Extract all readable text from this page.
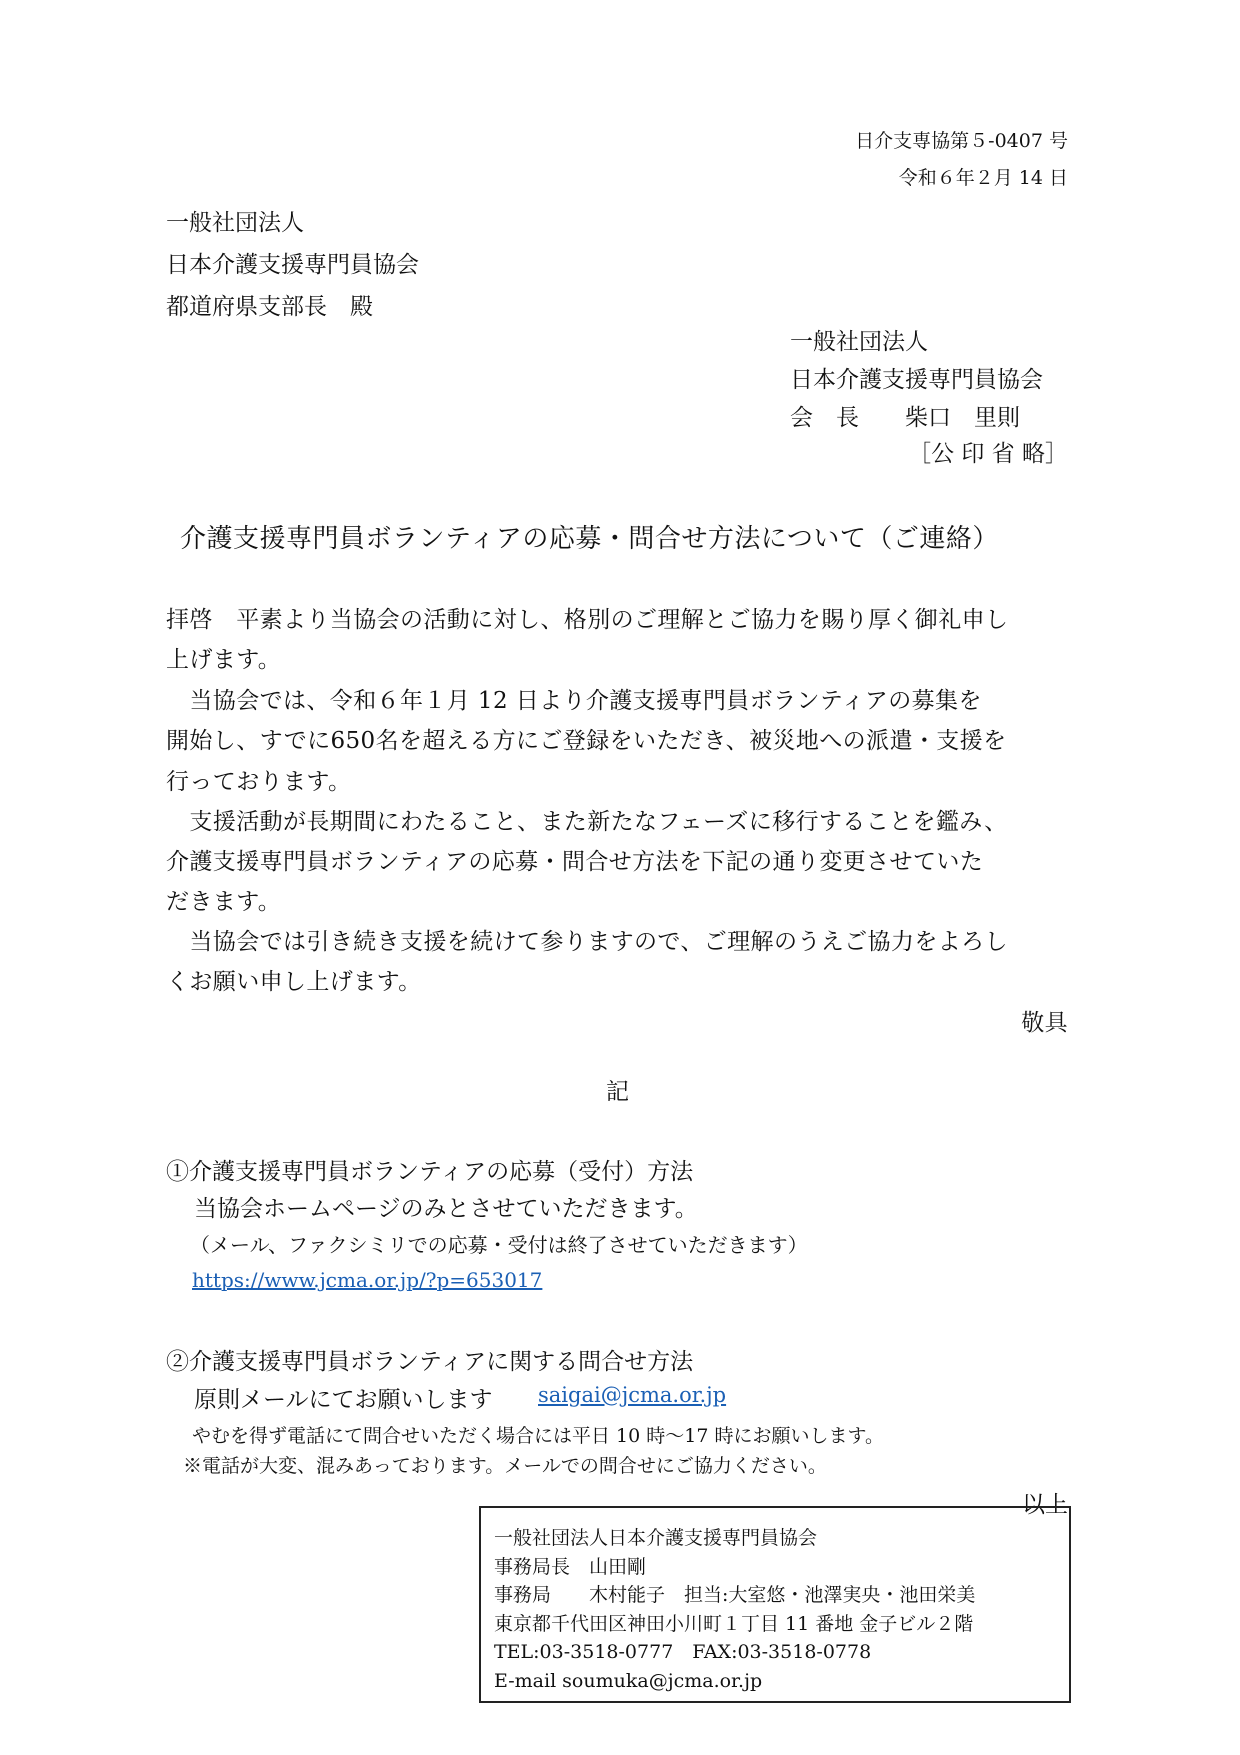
日介支専協第５-0407 号
令和６年２月 14 日
一般社団法人
日本介護支援専門員協会
都道府県支部長　殿
一般社団法人
日本介護支援専門員協会
会　長　　柴口　里則
［公 印 省 略］
介護支援専門員ボランティアの応募・問合せ方法について（ご連絡）
拝啓　平素より当協会の活動に対し、格別のご理解とご協力を賜り厚く御礼申し
上げます。
　当協会では、令和６年１月 12 日より介護支援専門員ボランティアの募集を
開始し、すでに650名を超える方にご登録をいただき、被災地への派遣・支援を
行っております。
　支援活動が長期間にわたること、また新たなフェーズに移行することを鑑み、
介護支援専門員ボランティアの応募・問合せ方法を下記の通り変更させていた
だきます。
　当協会では引き続き支援を続けて参りますので、ご理解のうえご協力をよろし
くお願い申し上げます。
敬具
記
①介護支援専門員ボランティアの応募（受付）方法
当協会ホームページのみとさせていただきます。
（メール、ファクシミリでの応募・受付は終了させていただきます）
https://www.jcma.or.jp/?p=653017
②介護支援専門員ボランティアに関する問合せ方法
原則メールにてお願いします saigai@jcma.or.jp
やむを得ず電話にて問合せいただく場合には平日 10 時～17 時にお願いします。
※電話が大変、混みあっております。メールでの問合せにご協力ください。
以上
一般社団法人日本介護支援専門員協会
事務局長　山田剛
事務局　　木村能子　担当:大室悠・池澤実央・池田栄美
東京都千代田区神田小川町１丁目 11 番地 金子ビル２階
TEL:03-3518-0777　FAX:03-3518-0778
E-mail soumuka@jcma.or.jp
